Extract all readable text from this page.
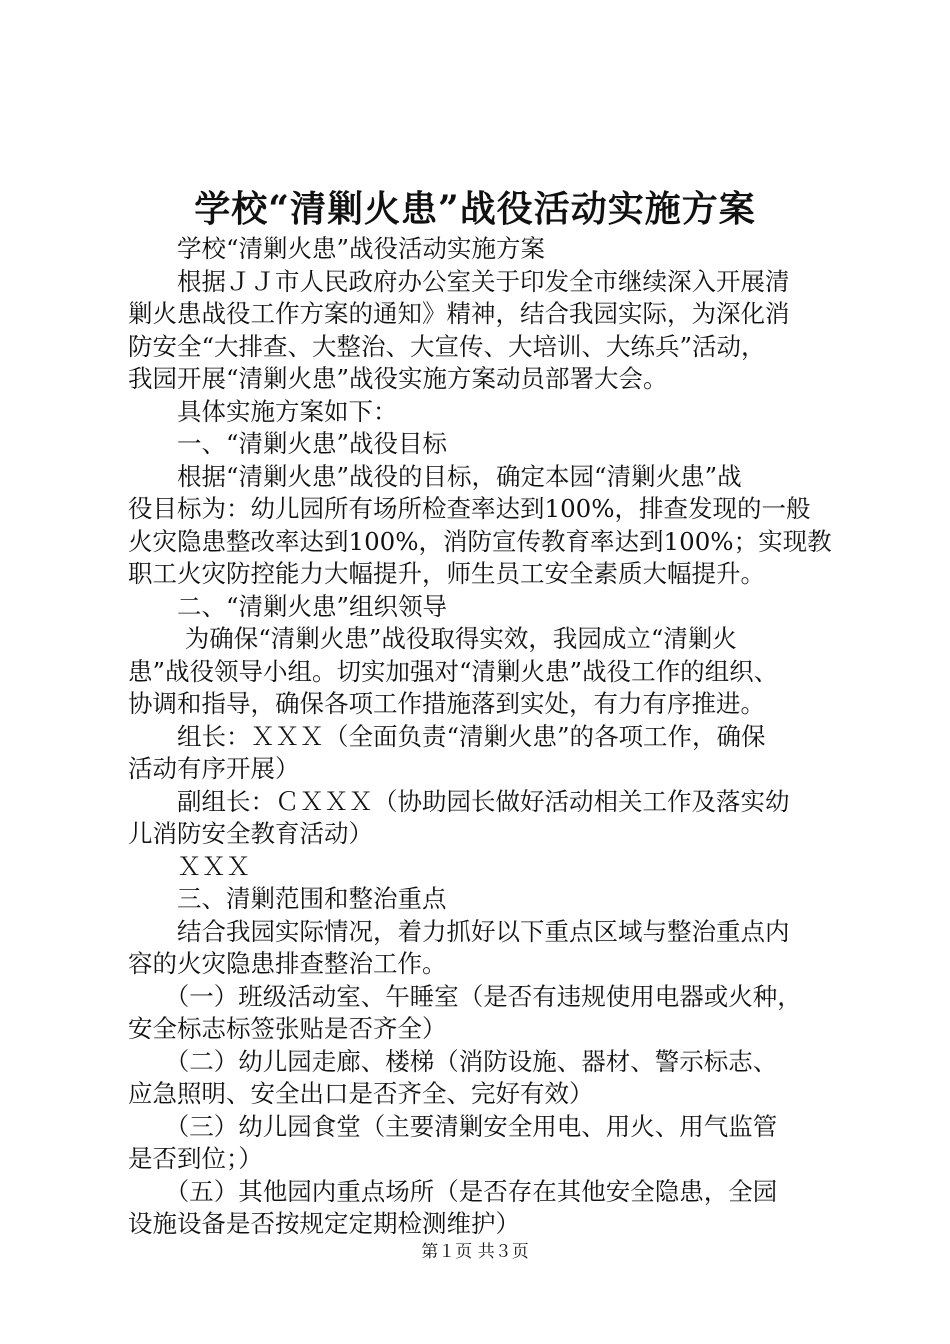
学校“清剿火患”战役活动实施方案

　　学校“清剿火患”战役活动实施方案

　　根据ＪＪ市人民政府办公室关于印发全市继续深入开展清

剿火患战役工作方案的通知》精神，结合我园实际，为深化消

防安全“大排查、大整治、大宣传、大培训、大练兵”活动，

我园开展“清剿火患”战役实施方案动员部署大会。

　　具体实施方案如下：

　　一、“清剿火患”战役目标

　　根据“清剿火患”战役的目标，确定本园“清剿火患”战

役目标为：幼儿园所有场所检查率达到100%，排查发现的一般

火灾隐患整改率达到100%，消防宣传教育率达到100%；实现教

职工火灾防控能力大幅提升，师生员工安全素质大幅提升。

　　二、“清剿火患”组织领导

　　 为确保“清剿火患”战役取得实效，我园成立“清剿火

患”战役领导小组。切实加强对“清剿火患”战役工作的组织、

协调和指导，确保各项工作措施落到实处，有力有序推进。

　　组长：ＸＸＸ（全面负责“清剿火患”的各项工作，确保

活动有序开展）

　　副组长：ＣＸＸＸ（协助园长做好活动相关工作及落实幼

儿消防安全教育活动）

　　ＸＸＸ

　　三、清剿范围和整治重点

　　结合我园实际情况，着力抓好以下重点区域与整治重点内

容的火灾隐患排查整治工作。

　　（一）班级活动室、午睡室（是否有违规使用电器或火种，

安全标志标签张贴是否齐全）

　　（二）幼儿园走廊、楼梯（消防设施、器材、警示标志、

应急照明、安全出口是否齐全、完好有效）

　　（三）幼儿园食堂（主要清剿安全用电、用火、用气监管

是否到位；）

　　（五）其他园内重点场所（是否存在其他安全隐患，全园

设施设备是否按规定定期检测维护）

第１页 共３页
